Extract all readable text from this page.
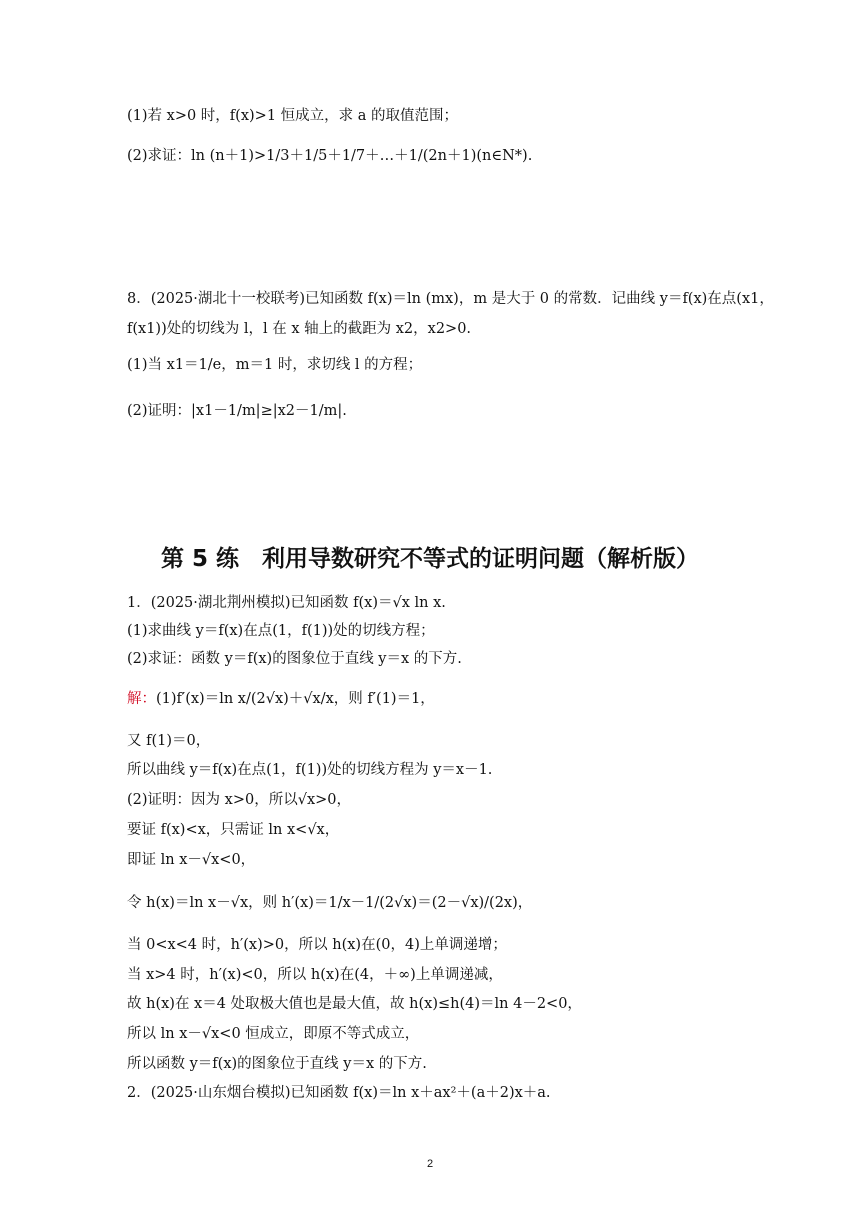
(1)若 x>0 时，f(x)>1 恒成立，求 a 的取值范围；
(2)求证：ln (n＋1)>1/3＋1/5＋1/7＋…＋1/(2n＋1)(n∈N*).
8．(2025·湖北十一校联考)已知函数 f(x)＝ln (mx)，m 是大于 0 的常数．记曲线 y＝f(x)在点(x1，
f(x1))处的切线为 l，l 在 x 轴上的截距为 x2，x2>0.
(1)当 x1＝1/e，m＝1 时，求切线 l 的方程；
(2)证明：|x1－1/m|≥|x2－1/m|.
第 5 练　利用导数研究不等式的证明问题（解析版）
1．(2025·湖北荆州模拟)已知函数 f(x)＝√x ln x.
(1)求曲线 y＝f(x)在点(1，f(1))处的切线方程；
(2)求证：函数 y＝f(x)的图象位于直线 y＝x 的下方.
解：(1)f′(x)＝ln x/(2√x)＋√x/x，则 f′(1)＝1，
又 f(1)＝0，
所以曲线 y＝f(x)在点(1，f(1))处的切线方程为 y＝x－1.
(2)证明：因为 x>0，所以√x>0，
要证 f(x)<x，只需证 ln x<√x，
即证 ln x－√x<0，
令 h(x)＝ln x－√x，则 h′(x)＝1/x－1/(2√x)＝(2－√x)/(2x)，
当 0<x<4 时，h′(x)>0，所以 h(x)在(0，4)上单调递增；
当 x>4 时，h′(x)<0，所以 h(x)在(4，＋∞)上单调递减，
故 h(x)在 x＝4 处取极大值也是最大值，故 h(x)≤h(4)＝ln 4－2<0，
所以 ln x－√x<0 恒成立，即原不等式成立，
所以函数 y＝f(x)的图象位于直线 y＝x 的下方.
2．(2025·山东烟台模拟)已知函数 f(x)＝ln x＋ax²＋(a＋2)x＋a.
2
